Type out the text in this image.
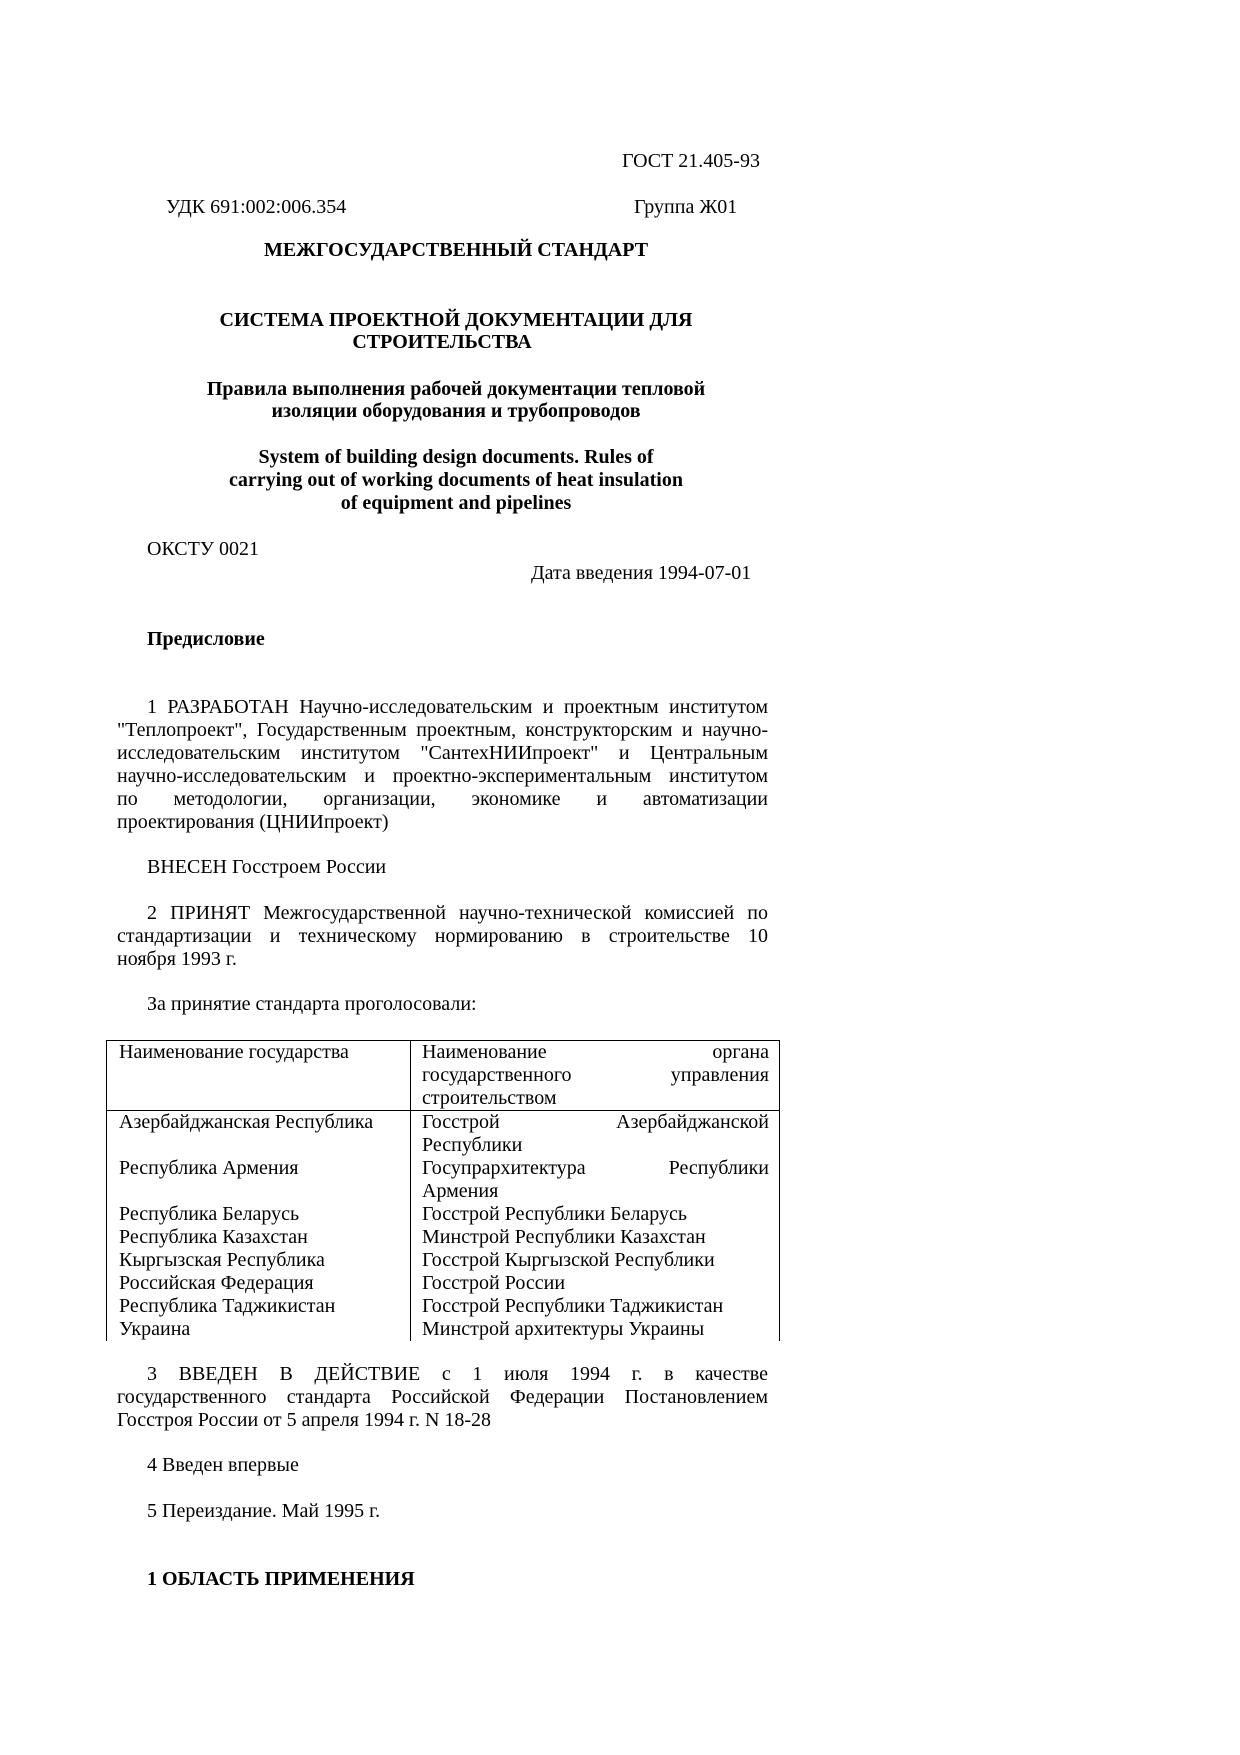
ГОСТ 21.405-93
УДК 691:002:006.354	Группа Ж01
МЕЖГОСУДАРСТВЕННЫЙ СТАНДАРТ
СИСТЕМА ПРОЕКТНОЙ ДОКУМЕНТАЦИИ ДЛЯ
СТРОИТЕЛЬСТВА
Правила выполнения рабочей документации тепловой
изоляции оборудования и трубопроводов
System of building design documents. Rules of
carrying out of working documents of heat insulation
of equipment and pipelines
ОКСТУ 0021
Дата введения 1994-07-01
Предисловие
1 РАЗРАБОТАН Научно-исследовательским и проектным институтом
"Теплопроект", Государственным проектным, конструкторским и научно-
исследовательским институтом "СантехНИИпроект" и Центральным
научно-исследовательским и проектно-экспериментальным институтом
по методологии, организации, экономике и автоматизации
проектирования (ЦНИИпроект)
ВНЕСЕН Госстроем России
2 ПРИНЯТ Межгосударственной научно-технической комиссией по
стандартизации и техническому нормированию в строительстве 10
ноября 1993 г.
За принятие стандарта проголосовали:
Наименование государства	Наименование органа
государственного управления
строительством
Азербайджанская Республика	Госстрой Азербайджанской
Республики
Республика Армения	Госупрархитектура Республики
Армения
Республика Беларусь	Госстрой Республики Беларусь
Республика Казахстан	Минстрой Республики Казахстан
Кыргызская Республика	Госстрой Кыргызской Республики
Российская Федерация	Госстрой России
Республика Таджикистан	Госстрой Республики Таджикистан
Украина	Минстрой архитектуры Украины
3 ВВЕДЕН В ДЕЙСТВИЕ с 1 июля 1994 г. в качестве
государственного стандарта Российской Федерации Постановлением
Госстроя России от 5 апреля 1994 г. N 18-28
4 Введен впервые
5 Переиздание. Май 1995 г.
1 ОБЛАСТЬ ПРИМЕНЕНИЯ
